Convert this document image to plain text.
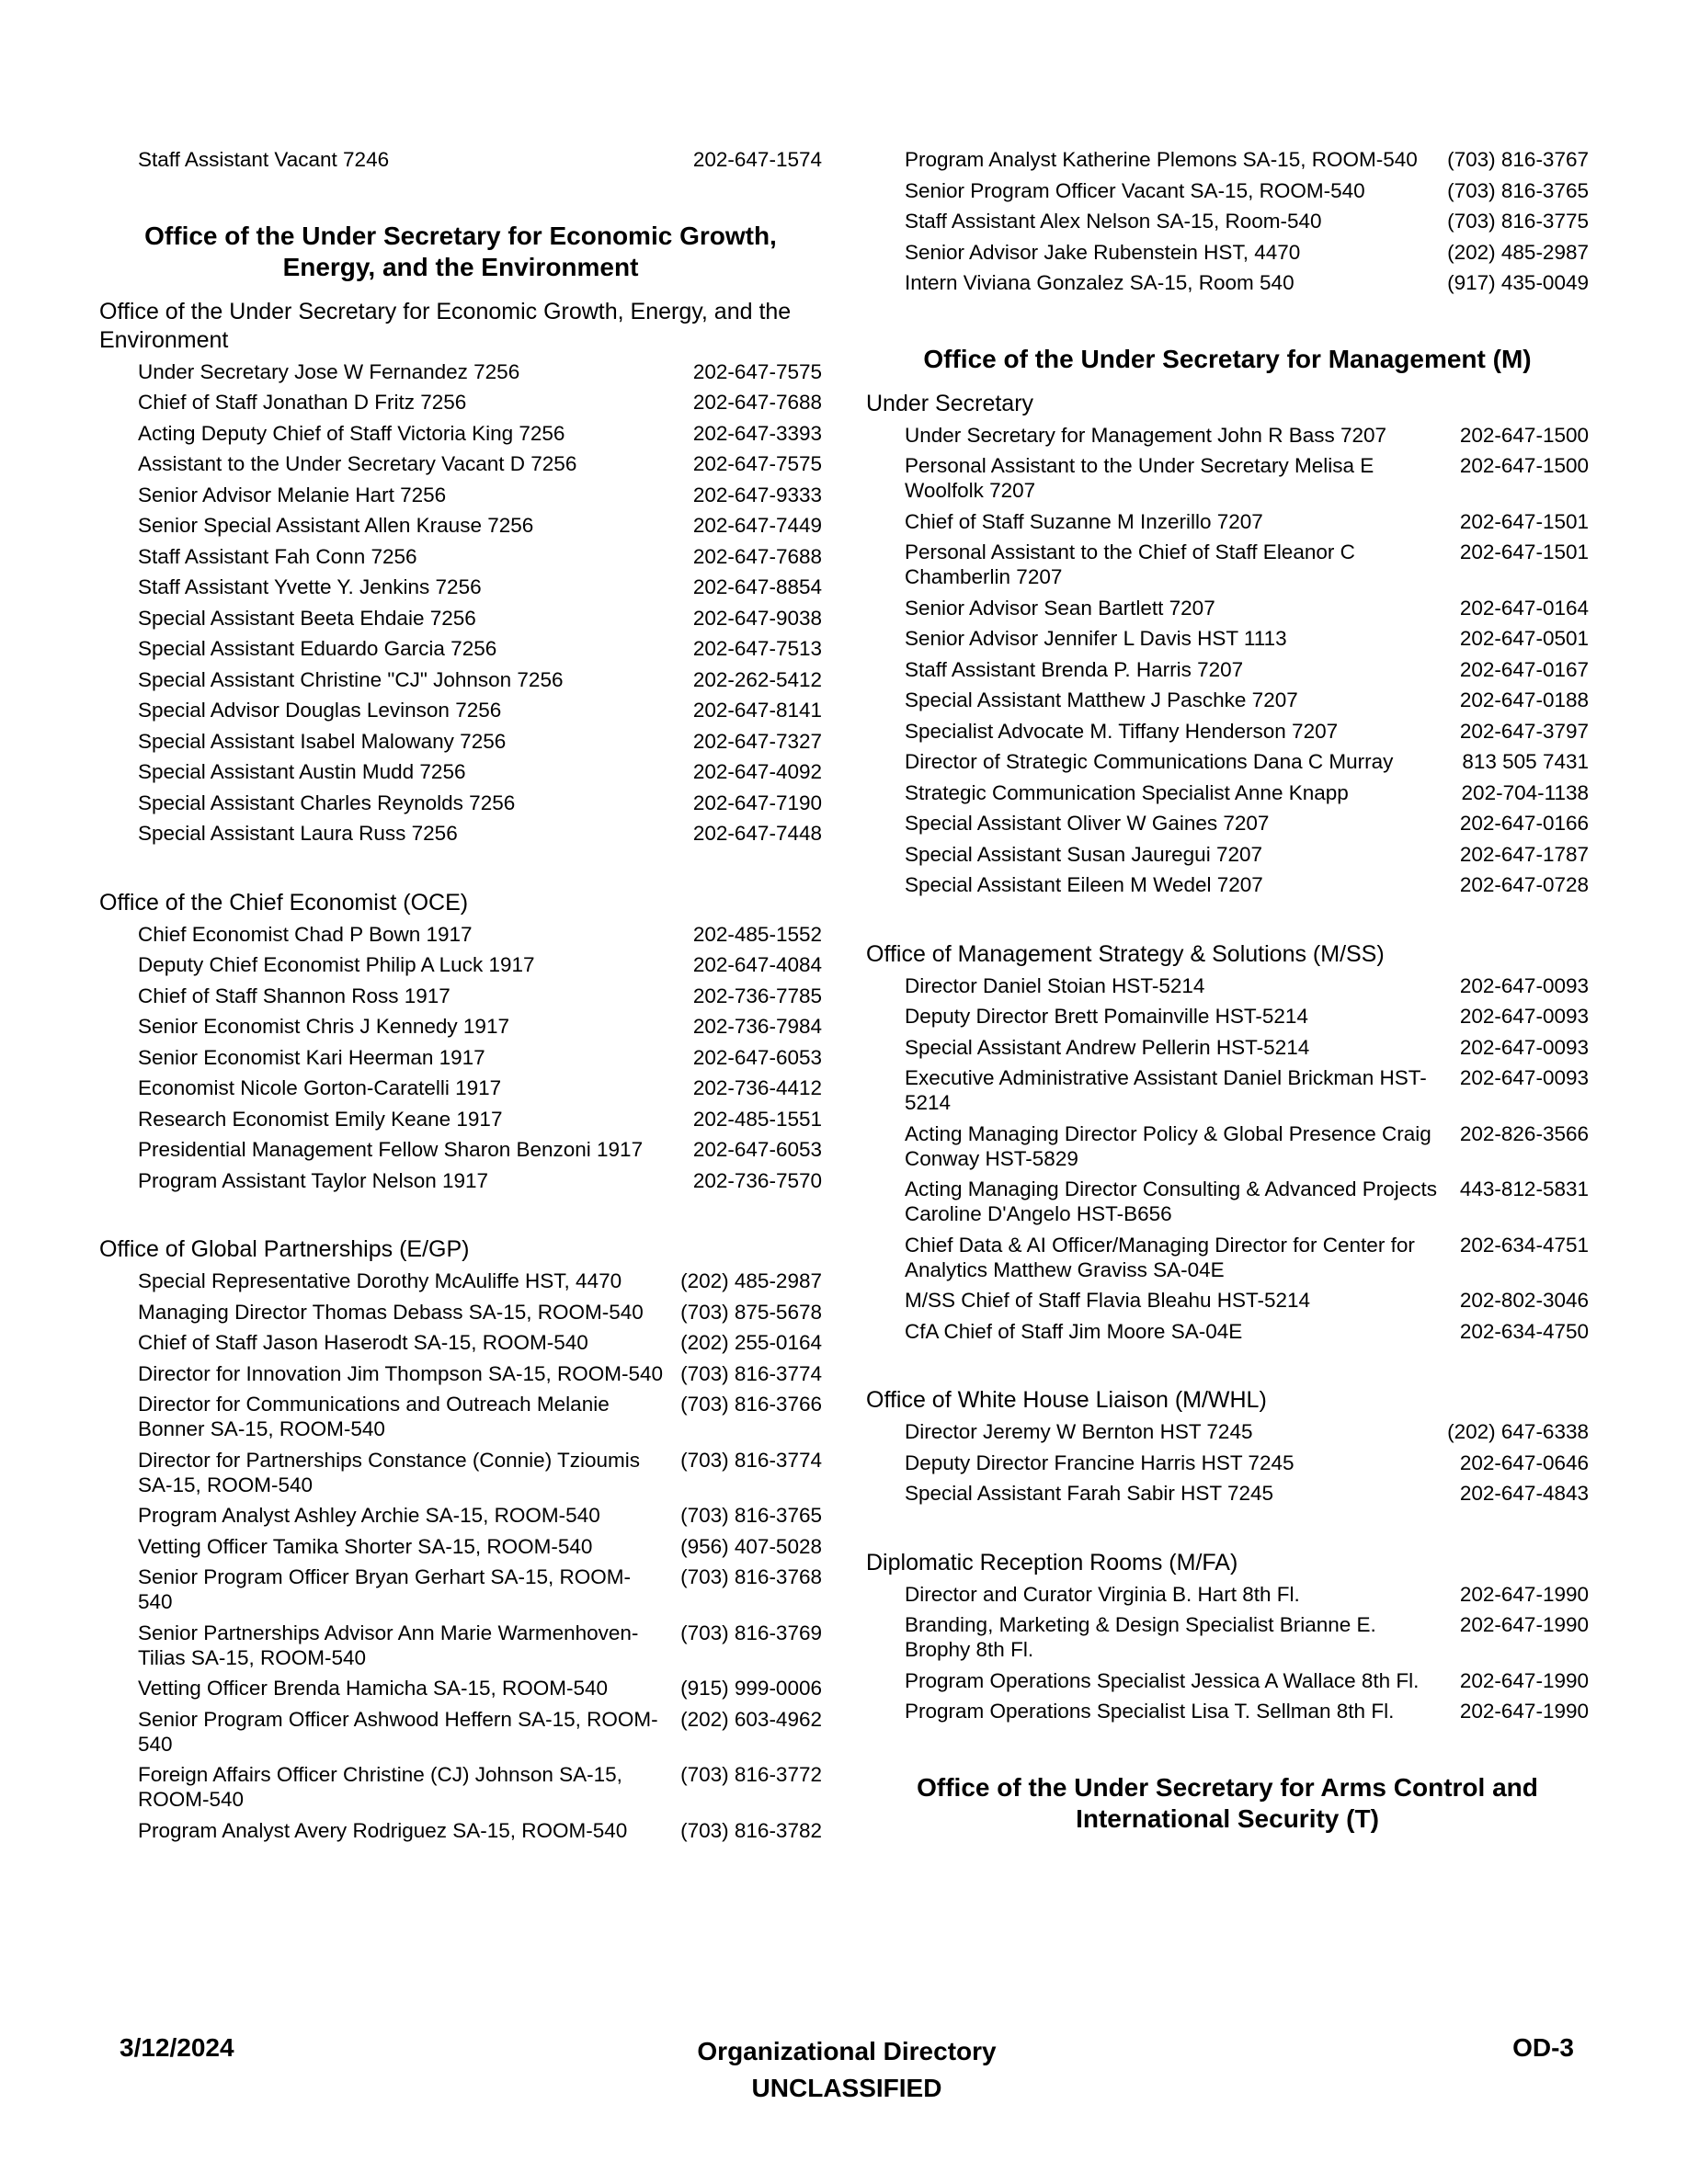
Staff Assistant Vacant 7246	202-647-1574
Office of the Under Secretary for Economic Growth, Energy, and the Environment
Office of the Under Secretary for Economic Growth, Energy, and the Environment
Under Secretary Jose W Fernandez 7256	202-647-7575
Chief of Staff Jonathan D Fritz 7256	202-647-7688
Acting Deputy Chief of Staff Victoria King 7256	202-647-3393
Assistant to the Under Secretary Vacant D 7256	202-647-7575
Senior Advisor Melanie Hart 7256	202-647-9333
Senior Special Assistant Allen Krause 7256	202-647-7449
Staff Assistant Fah Conn 7256	202-647-7688
Staff Assistant Yvette Y. Jenkins 7256	202-647-8854
Special Assistant Beeta Ehdaie 7256	202-647-9038
Special Assistant Eduardo Garcia 7256	202-647-7513
Special Assistant Christine "CJ" Johnson 7256	202-262-5412
Special Advisor Douglas Levinson 7256	202-647-8141
Special Assistant Isabel Malowany 7256	202-647-7327
Special Assistant Austin Mudd 7256	202-647-4092
Special Assistant Charles Reynolds 7256	202-647-7190
Special Assistant Laura Russ 7256	202-647-7448
Office of the Chief Economist (OCE)
Chief Economist Chad P Bown 1917	202-485-1552
Deputy Chief Economist Philip A Luck 1917	202-647-4084
Chief of Staff Shannon Ross 1917	202-736-7785
Senior Economist Chris J Kennedy 1917	202-736-7984
Senior Economist Kari Heerman 1917	202-647-6053
Economist Nicole Gorton-Caratelli 1917	202-736-4412
Research Economist Emily Keane 1917	202-485-1551
Presidential Management Fellow Sharon Benzoni 1917	202-647-6053
Program Assistant Taylor Nelson 1917	202-736-7570
Office of Global Partnerships (E/GP)
Special Representative Dorothy McAuliffe HST, 4470	(202) 485-2987
Managing Director Thomas Debass SA-15, ROOM-540	(703) 875-5678
Chief of Staff Jason Haserodt SA-15, ROOM-540	(202) 255-0164
Director for Innovation Jim Thompson SA-15, ROOM-540 (703) 816-3774
Director for Communications and Outreach Melanie Bonner SA-15, ROOM-540
(703) 816-3766
Director for Partnerships Constance (Connie) Tzioumis SA-15, ROOM-540
(703) 816-3774
Program Analyst Ashley Archie SA-15, ROOM-540	(703) 816-3765
Vetting Officer Tamika Shorter SA-15, ROOM-540	(956) 407-5028
Senior Program Officer Bryan Gerhart SA-15, ROOM-540
(703) 816-3768
Senior Partnerships Advisor Ann Marie Warmenhoven-Tilias SA-15, ROOM-540
(703) 816-3769
Vetting Officer Brenda Hamicha SA-15, ROOM-540	(915) 999-0006
Senior Program Officer Ashwood Heffern SA-15, ROOM-540
(202) 603-4962
Foreign Affairs Officer Christine (CJ) Johnson SA-15, ROOM-540
(703) 816-3772
Program Analyst Avery Rodriguez SA-15, ROOM-540	(703) 816-3782
Program Analyst Katherine Plemons SA-15, ROOM-540	(703) 816-3767
Senior Program Officer Vacant SA-15, ROOM-540	(703) 816-3765
Staff Assistant Alex Nelson SA-15, Room-540	(703) 816-3775
Senior Advisor Jake Rubenstein HST, 4470	(202) 485-2987
Intern Viviana Gonzalez SA-15, Room 540	(917) 435-0049
Office of the Under Secretary for Management (M)
Under Secretary
Under Secretary for Management John R Bass 7207	202-647-1500
Personal Assistant to the Under Secretary Melisa E Woolfolk 7207
202-647-1500
Chief of Staff Suzanne M Inzerillo 7207	202-647-1501
Personal Assistant to the Chief of Staff Eleanor C Chamberlin 7207
202-647-1501
Senior Advisor Sean Bartlett 7207	202-647-0164
Senior Advisor Jennifer L Davis HST 1113	202-647-0501
Staff Assistant Brenda P. Harris 7207	202-647-0167
Special Assistant Matthew J Paschke 7207	202-647-0188
Specialist Advocate M. Tiffany Henderson 7207	202-647-3797
Director of Strategic Communications Dana C Murray	813 505 7431
Strategic Communication Specialist Anne Knapp	202-704-1138
Special Assistant Oliver W Gaines 7207	202-647-0166
Special Assistant Susan Jauregui 7207	202-647-1787
Special Assistant Eileen M Wedel 7207	202-647-0728
Office of Management Strategy & Solutions (M/SS)
Director Daniel Stoian HST-5214	202-647-0093
Deputy Director Brett Pomainville HST-5214	202-647-0093
Special Assistant Andrew Pellerin HST-5214	202-647-0093
Executive Administrative Assistant Daniel Brickman HST-5214
202-647-0093
Acting Managing Director Policy & Global Presence Craig Conway HST-5829
202-826-3566
Acting Managing Director Consulting & Advanced Projects Caroline D'Angelo HST-B656
443-812-5831
Chief Data & AI Officer/Managing Director for Center for Analytics Matthew Graviss SA-04E
202-634-4751
M/SS Chief of Staff Flavia Bleahu HST-5214	202-802-3046
CfA Chief of Staff Jim Moore SA-04E	202-634-4750
Office of White House Liaison (M/WHL)
Director Jeremy W Bernton HST 7245	(202) 647-6338
Deputy Director Francine Harris HST 7245	202-647-0646
Special Assistant Farah Sabir HST 7245	202-647-4843
Diplomatic Reception Rooms (M/FA)
Director and Curator Virginia B. Hart 8th Fl.	202-647-1990
Branding, Marketing & Design Specialist Brianne E. Brophy 8th Fl.
202-647-1990
Program Operations Specialist Jessica A Wallace 8th Fl.	202-647-1990
Program Operations Specialist Lisa T. Sellman 8th Fl.	202-647-1990
Office of the Under Secretary for Arms Control and International Security (T)
3/12/2024	Organizational Directory
UNCLASSIFIED
OD-3
